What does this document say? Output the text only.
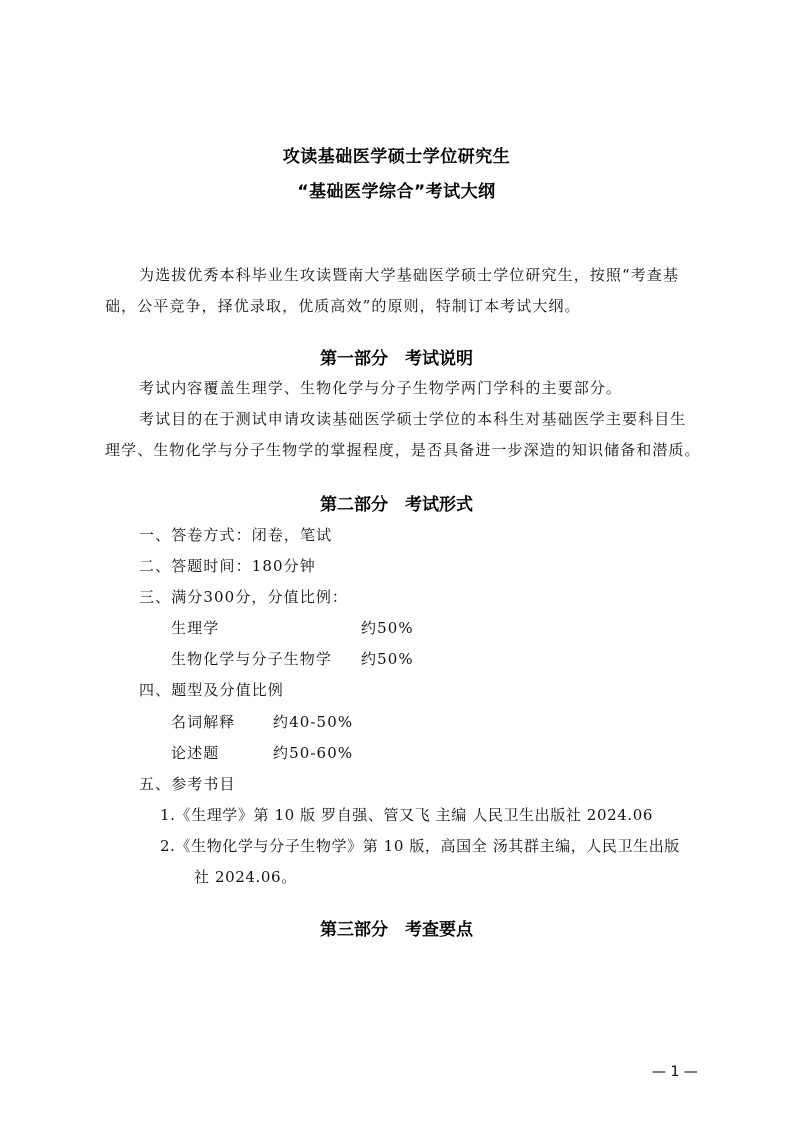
攻读基础医学硕士学位研究生
“基础医学综合”考试大纲
为选拔优秀本科毕业生攻读暨南大学基础医学硕士学位研究生，按照“考查基
础，公平竞争，择优录取，优质高效”的原则，特制订本考试大纲。
第一部分　考试说明
考试内容覆盖生理学、生物化学与分子生物学两门学科的主要部分。
考试目的在于测试申请攻读基础医学硕士学位的本科生对基础医学主要科目生
理学、生物化学与分子生物学的掌握程度，是否具备进一步深造的知识储备和潜质。
第二部分　考试形式
一、答卷方式：闭卷，笔试
二、答题时间：180分钟
三、满分300分，分值比例：
生理学	约50%
生物化学与分子生物学 约50%
四、题型及分值比例
名词解释	约40-50%
论述题	约50-60%
五、参考书目
1.《生理学》第 10 版 罗自强、管又飞 主编 人民卫生出版社 2024.06
2.《生物化学与分子生物学》第 10 版，高国全 汤其群主编，人民卫生出版
社 2024.06。
第三部分　考查要点
— 1 —
